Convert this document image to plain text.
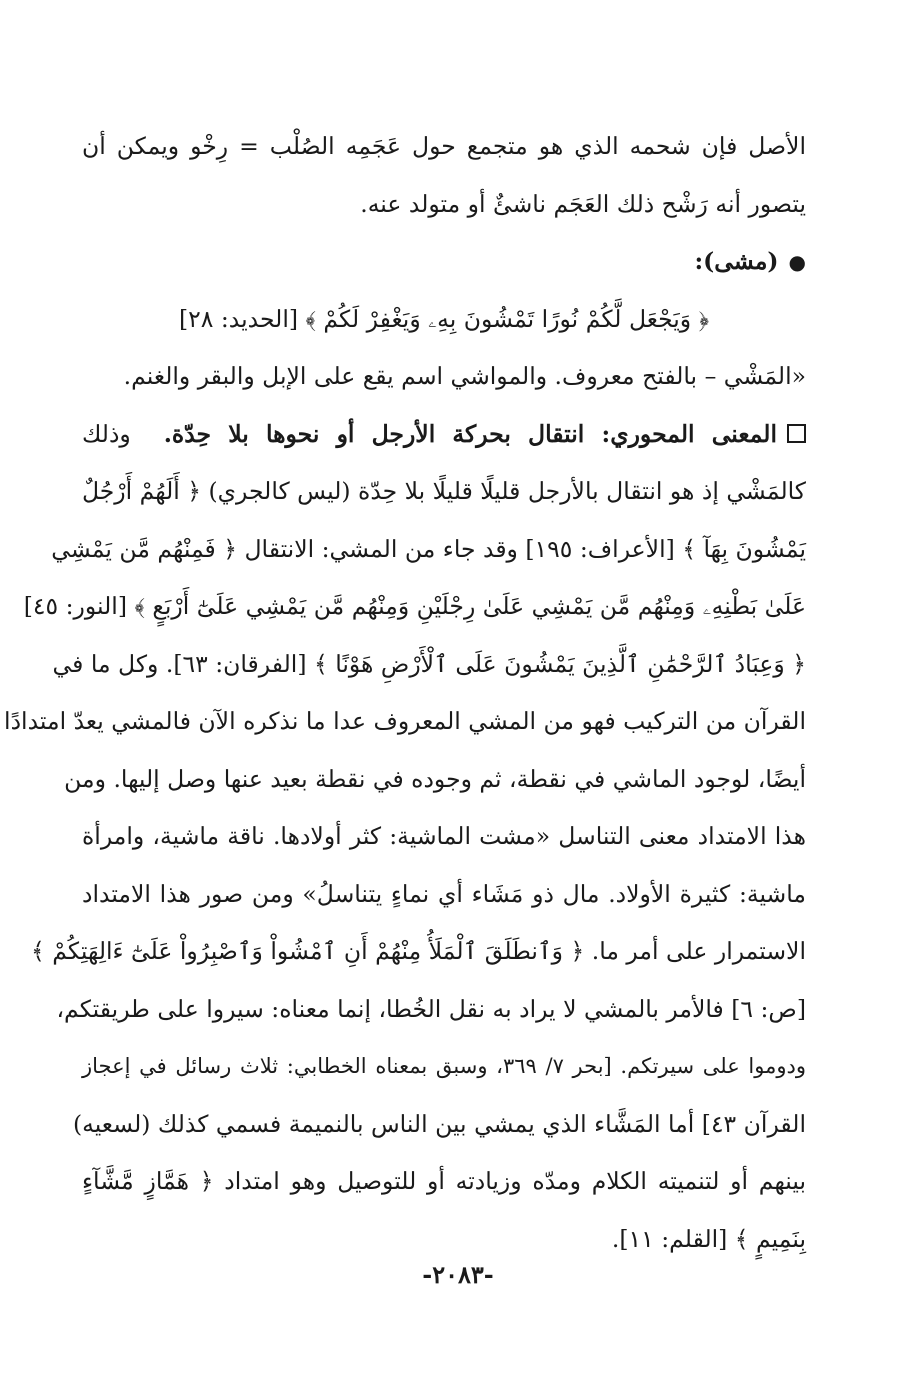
الأصل فإن شحمه الذي هو متجمع حول عَجَمِه الصُلْب = رِخْو ويمكن أن
يتصور أنه رَشْح ذلك العَجَم ناشئٌ أو متولد عنه.
●(مشى):
﴿ وَيَجْعَل لَّكُمْ نُورًا تَمْشُونَ بِهِۦ وَيَغْفِرْ لَكُمْ ﴾ [الحديد: ٢٨]
«المَشْي – بالفتح معروف. والمواشي اسم يقع على الإبل والبقر والغنم.
المعنى المحوري: انتقال بحركة الأرجل أو نحوها بلا حِدّة.  وذلك
كالمَشْي إذ هو انتقال بالأرجل قليلًا قليلًا بلا حِدّة (ليس كالجري) ﴿ أَلَهُمْ أَرْجُلٌ
يَمْشُونَ بِهَآ ﴾ [الأعراف: ١٩٥] وقد جاء من المشي: الانتقال ﴿ فَمِنْهُم مَّن يَمْشِي
عَلَىٰ بَطْنِهِۦ وَمِنْهُم مَّن يَمْشِي عَلَىٰ رِجْلَيْنِ وَمِنْهُم مَّن يَمْشِي عَلَىٰٓ أَرْبَعٍ ﴾ [النور: ٤٥]
﴿ وَعِبَادُ ٱلرَّحْمَٰنِ ٱلَّذِينَ يَمْشُونَ عَلَى ٱلْأَرْضِ هَوْنًا ﴾ [الفرقان: ٦٣]. وكل ما في
القرآن من التركيب فهو من المشي المعروف عدا ما نذكره الآن فالمشي يعدّ امتدادًا
أيضًا، لوجود الماشي في نقطة، ثم وجوده في نقطة بعيد عنها وصل إليها. ومن
هذا الامتداد معنى التناسل «مشت الماشية: كثر أولادها. ناقة ماشية، وامرأة
ماشية: كثيرة الأولاد. مال ذو مَشَاء أي نماءٍ يتناسلُ» ومن صور هذا الامتداد
الاستمرار على أمر ما. ﴿ وَٱنطَلَقَ ٱلْمَلَأُ مِنْهُمْ أَنِ ٱمْشُواْ وَٱصْبِرُواْ عَلَىٰٓ ءَالِهَتِكُمْ ﴾
[ص: ٦] فالأمر بالمشي لا يراد به نقل الخُطا، إنما معناه: سيروا على طريقتكم،
ودوموا على سيرتكم. [بحر ٧/ ٣٦٩، وسبق بمعناه الخطابي: ثلاث رسائل في إعجاز
القرآن ٤٣] أما المَشَّاء الذي يمشي بين الناس بالنميمة فسمي كذلك (لسعيه)
بينهم أو لتنميته الكلام ومدّه وزيادته أو للتوصيل وهو امتداد ﴿ هَمَّازٍ مَّشَّآءٍ
بِنَمِيمٍ ﴾ [القلم: ١١].
-٢٠٨٣-
